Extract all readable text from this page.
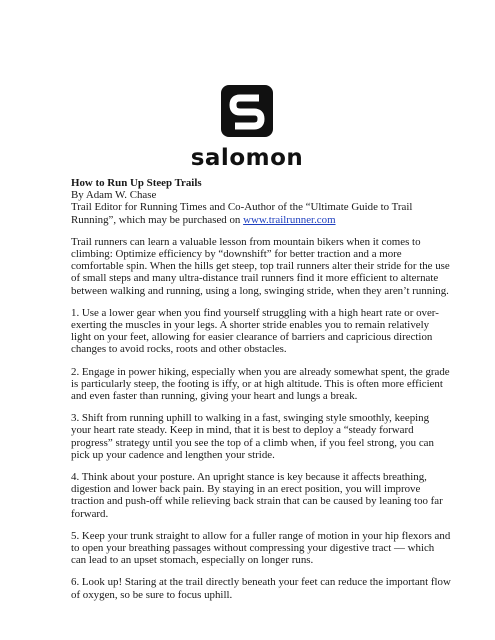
salomon

How to Run Up Steep Trails

By Adam W. Chase

Trail Editor for Running Times and Co-Author of the “Ultimate Guide to Trail Running”, which may be purchased on www.trailrunner.com

Trail runners can learn a valuable lesson from mountain bikers when it comes to climbing: Optimize efficiency by “downshift” for better traction and a more comfortable spin. When the hills get steep, top trail runners alter their stride for the use of small steps and many ultra-distance trail runners find it more efficient to alternate between walking and running, using a long, swinging stride, when they aren’t running.

1. Use a lower gear when you find yourself struggling with a high heart rate or over-exerting the muscles in your legs. A shorter stride enables you to remain relatively light on your feet, allowing for easier clearance of barriers and capricious direction changes to avoid rocks, roots and other obstacles.

2. Engage in power hiking, especially when you are already somewhat spent, the grade is particularly steep, the footing is iffy, or at high altitude. This is often more efficient and even faster than running, giving your heart and lungs a break.

3. Shift from running uphill to walking in a fast, swinging style smoothly, keeping your heart rate steady. Keep in mind, that it is best to deploy a “steady forward progress” strategy until you see the top of a climb when, if you feel strong, you can pick up your cadence and lengthen your stride.

4. Think about your posture. An upright stance is key because it affects breathing, digestion and lower back pain. By staying in an erect position, you will improve traction and push-off while relieving back strain that can be caused by leaning too far forward.

5. Keep your trunk straight to allow for a fuller range of motion in your hip flexors and to open your breathing passages without compressing your digestive tract — which can lead to an upset stomach, especially on longer runs.

6. Look up! Staring at the trail directly beneath your feet can reduce the important flow of oxygen, so be sure to focus uphill.
